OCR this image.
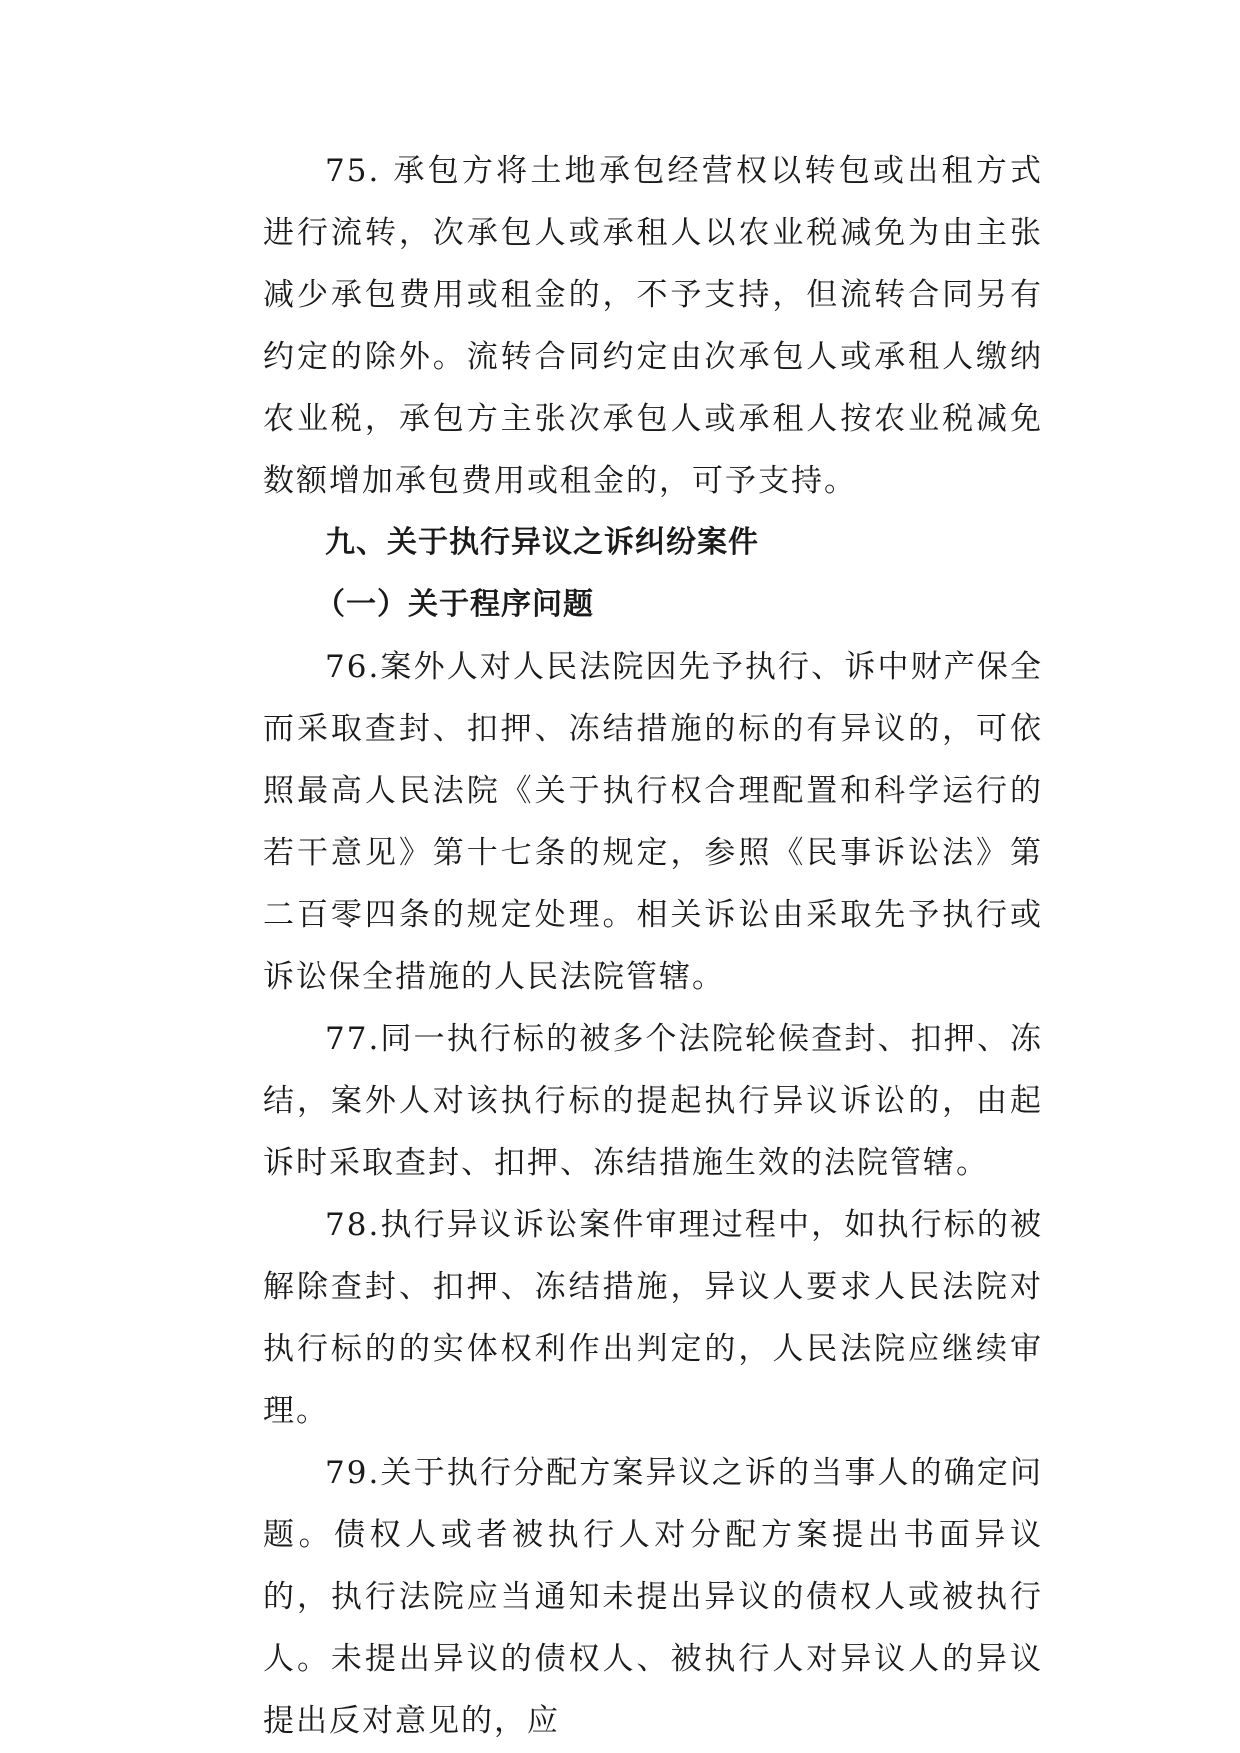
75. 承包方将土地承包经营权以转包或出租方式进行流转，次承包人或承租人以农业税减免为由主张减少承包费用或租金的，不予支持，但流转合同另有约定的除外。流转合同约定由次承包人或承租人缴纳农业税，承包方主张次承包人或承租人按农业税减免数额增加承包费用或租金的，可予支持。

九、关于执行异议之诉纠纷案件

（一）关于程序问题

76.案外人对人民法院因先予执行、诉中财产保全而采取查封、扣押、冻结措施的标的有异议的，可依照最高人民法院《关于执行权合理配置和科学运行的若干意见》第十七条的规定，参照《民事诉讼法》第二百零四条的规定处理。相关诉讼由采取先予执行或诉讼保全措施的人民法院管辖。

77.同一执行标的被多个法院轮候查封、扣押、冻结，案外人对该执行标的提起执行异议诉讼的，由起诉时采取查封、扣押、冻结措施生效的法院管辖。

78.执行异议诉讼案件审理过程中，如执行标的被解除查封、扣押、冻结措施，异议人要求人民法院对执行标的的实体权利作出判定的，人民法院应继续审理。

79.关于执行分配方案异议之诉的当事人的确定问题。债权人或者被执行人对分配方案提出书面异议的，执行法院应当通知未提出异议的债权人或被执行人。未提出异议的债权人、被执行人对异议人的异议提出反对意见的，应
